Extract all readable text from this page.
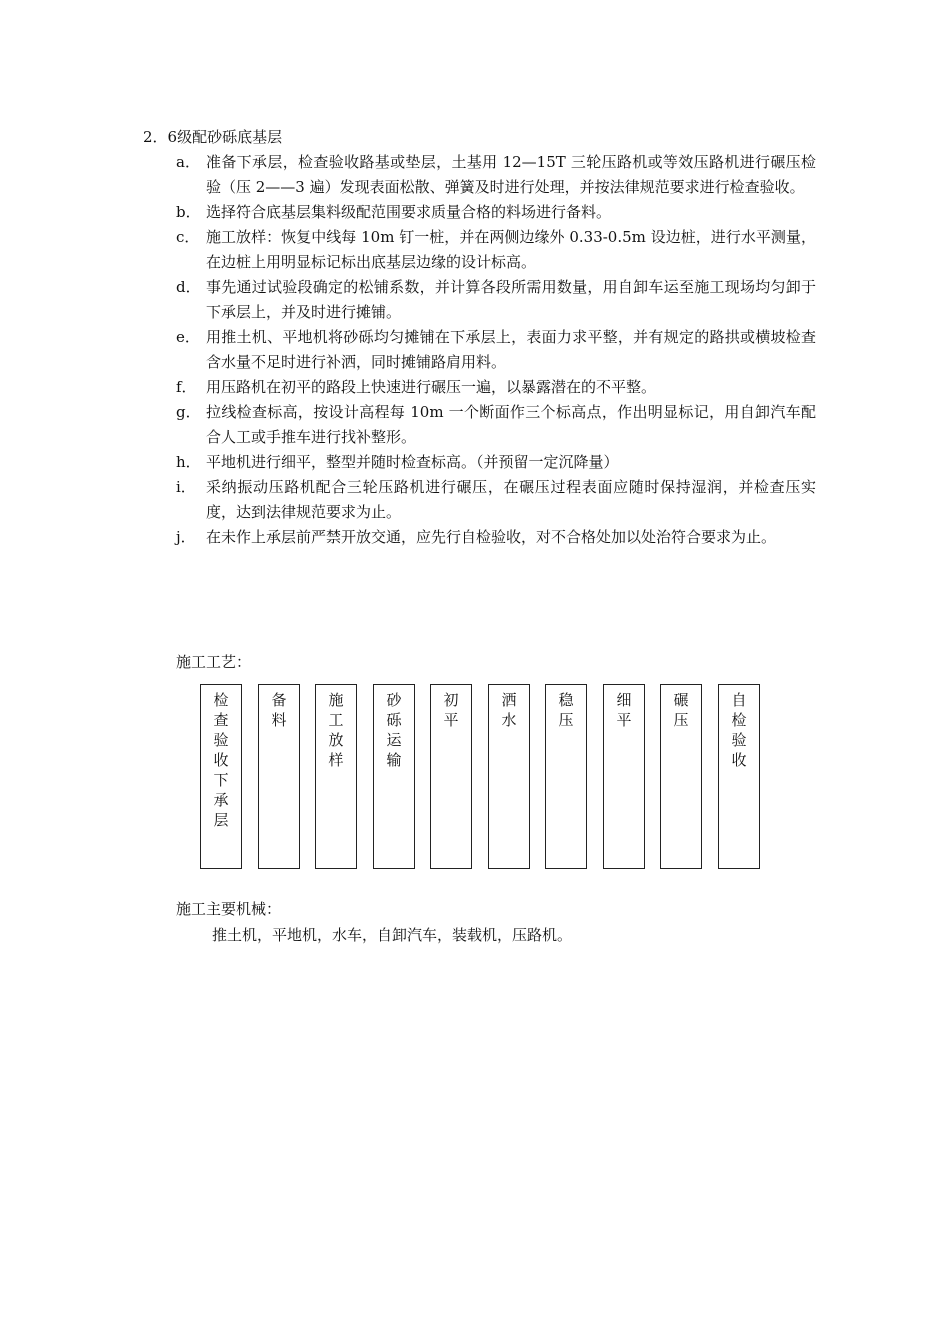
2．6级配砂砾底基层
a． 准备下承层，检查验收路基或垫层，土基用 12—15T 三轮压路机或等效压路机进行碾压检验（压 2——3 遍）发现表面松散、弹簧及时进行处理，并按法律规范要求进行检查验收。
b． 选择符合底基层集料级配范围要求质量合格的料场进行备料。
c． 施工放样：恢复中线每 10m 钉一桩，并在两侧边缘外 0.33-0.5m 设边桩，进行水平测量，在边桩上用明显标记标出底基层边缘的设计标高。
d． 事先通过试验段确定的松铺系数，并计算各段所需用数量，用自卸车运至施工现场均匀卸于下承层上，并及时进行摊铺。
e． 用推土机、平地机将砂砾均匀摊铺在下承层上，表面力求平整，并有规定的路拱或横坡检查含水量不足时进行补洒，同时摊铺路肩用料。
f． 用压路机在初平的路段上快速进行碾压一遍，以暴露潜在的不平整。
g． 拉线检查标高，按设计高程每 10m 一个断面作三个标高点，作出明显标记，用自卸汽车配合人工或手推车进行找补整形。
h． 平地机进行细平，整型并随时检查标高。（并预留一定沉降量）
i． 采纳振动压路机配合三轮压路机进行碾压，在碾压过程表面应随时保持湿润，并检查压实度，达到法律规范要求为止。
j． 在未作上承层前严禁开放交通，应先行自检验收，对不合格处加以处治符合要求为止。
施工工艺：
检查验收下承层
备料
施工放样
砂砾运输
初平
洒水
稳压
细平
碾压
自检验收
施工主要机械：
推土机，平地机，水车，自卸汽车，装载机，压路机。
